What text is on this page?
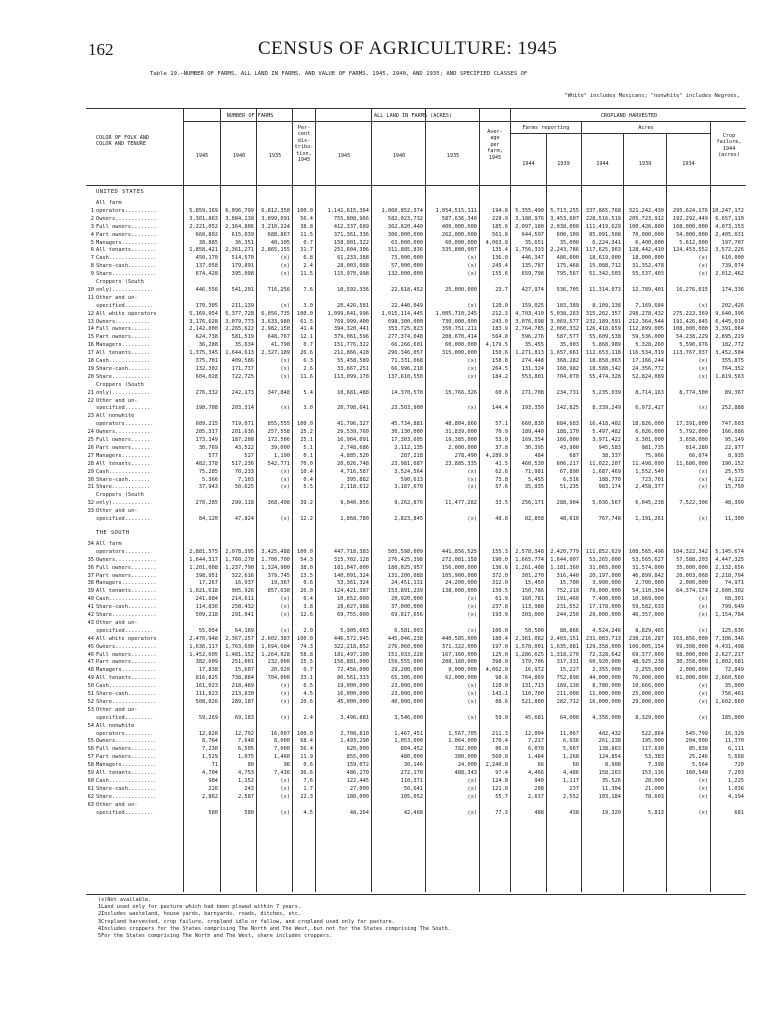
162	CENSUS OF AGRICULTURE: 1945
Table 19.—NUMBER OF FARMS, ALL LAND IN FARMS, AND VALUE OF FARMS, 1945, 1940, AND 1935; AND SPECIFIED CLASSES OF
"White" includes Mexicans; "nonwhite" includes Negroes,
COLOR OF FOLK AND
COLOR AND TENURE
NUMBER OF FARMS	ALL LAND IN FARMS (ACRES)	CROPLAND HARVESTED
1945	1940	1935
Per-
cent
dis-
tribu-
tion,
1945
1945	1940	1935
Aver-
age
per
farm,
1945
Farms reporting	Acres
1944	1939	1944	1939	1934
Crop
failure,
1944
(acres)
UNITED STATES
All farm
1 operators..........	5,859,169	6,096,799	6,812,350	100.0	1,141,615,364	1,060,852,374	1,054,515,111	194.8	5,355,490	5,713,255	337,865,768	321,242,430	295,624,176 10,247,172
2 Owners.............	3,301,863	3,084,138	3,899,091	56.4	755,808,966	582,023,732	587,636,340	228.9	3,188,976	3,453,607	228,516,519	205,723,912	192,292,449	6,657,110
3 Full owners........	2,221,052	2,364,806	3,210,224	38.8	412,337,689	362,820,440	400,000,000	185.6	2,097,180	2,038,000	111,419,629	100,426,800	108,000,000	4,073,153
4 Part owners........	660,802	615,039	688,867	11.5	371,361,336	306,000,000	262,000,000	561.8	644,597	600,109	85,091,508	70,000,000	54,000,000	2,405,031
5 Managers...........	38,885	36,351	40,105	0.7	158,001,322	63,000,000	60,000,000	4,063.8	35,651	35,000	6,224,341	6,400,000	5,612,000	197,707
6 All tenants........	1,858,421	2,361,271	2,865,155	31.7	251,604,306	311,885,836	335,800,007	135.4	1,756,333	2,243,786	117,625,963	128,442,410	124,453,552	3,572,226
7 Cash...............	450,170	514,570	(x)	6.8	61,233,388	73,000,000	(x)	136.0	446,347	486,000	18,619,000	18,000,000	(x)	610,000
8 Share-cash.........	137,058	179,891	(x)	2.4	28,003,088	57,000,000	(x)	245.4	135,787	175,468	15,088,712	31,352,478	(x)	739,074
9 Share..............	674,428	395,098	(x)	11.5	115,970,998	132,000,000	(x)	155.6	659,798	795,567	51,342,503	55,537,403	(x)	2,012,462
Croppers (South
10 only).............	446,556	541,291	716,256	7.6	10,592,336	22,618,452	25,000,000	23.7	427,974	536,705	11,314,073	12,789,401	16,276,015	174,336
11 Other and un-
specified.........	170,305	211,139	(x)	3.0	20,426,581	22,440,049	(x)	120.0	159,025	183,389	8,109,138	7,169,684	(x)	202,426
12 All white operators	5,169,954	5,377,728	6,056,735	100.0	1,099,641,996	1,015,114,445	1,005,710,245	212.3	4,703,410	5,038,263	315,262,357	298,278,432	275,222,369	9,640,396
13 Owners...........	3,176,628	3,079,773	3,633,980	61.5	769,999,400	698,300,000	730,000,000	243.0	3,076,698	3,069,577	232,189,591	212,364,544	191,426,845	6,445,010
14 Full owners......	2,142,000	2,265,622	2,982,150	41.4	394,320,441	353,725,823	350,751,211	183.9	2,764,785	2,060,332	126,418,659	112,899,005	108,000,000	3,391,064
15 Part owners......	624,738	581,519	648,767	12.1	379,061,596	277,374,048	208,670,414	564.0	596,276	587,577	55,609,538	59,536,000	54,238,229	2,895,229
16 Managers.........	36,288	35,634	41,790	0.7	151,776,322	66,266,601	60,000,000	4,179.5	35,455	35,003	5,868,989	5,328,260	5,590,976	182,772
17 All tenants......	1,375,345	1,644,613	2,327,189	26.6	211,866,428	296,346,057	315,000,000	150.6	1,271,813	1,657,661	112,653,118	116,534,319	113,767,037	3,452,504
18 Cash.............	375,701	409,586	(x)	6.3	55,458,589	71,331,068	(x)	158.8	274,448	368,282	18,858,063	17,166,244	(x)	355,875
19 Share-cash.......	132,302	171,737	(x)	2.6	33,667,251	66,996,218	(x)	264.5	131,324	168,982	18,588,342	24,356,772	(x)	764,352
20 Share............	604,028	722,725	(x)	11.6	113,099,178	137,610,550	(x)	184.2	553,801	704,070	55,474,328	52,824,089	(x)	1,819,563
Croppers (South
21 only)............	276,332	242,173	347,848	5.4	10,681,488	14,370,578	15,766,326	60.6	271,708	234,731	5,235,039	8,714,163	8,774,500	89,367
22 Other and un-
specified........	198,708	203,314	(x)	3.0	20,798,641	23,503,900	(x)	144.4	193,350	142,825	8,339,249	6,972,427	(x)	252,888
23 All nonwhite
operators.........	689,215	719,071	855,555	100.0	41,796,327	45,734,881	48,804,866	57.1	660,830	684,683	16,418,402	18,826,000	17,391,000	747,603
24 Owners...........	205,317	201,636	257,558	25.2	29,539,760	30,130,000	31,839,000	70.9	189,440	188,170	5,497,482	6,026,000	5,792,000	166,086
25 Full owners......	173,149	187,208	172,506	25.1	16,904,091	17,303,605	19,385,000	53.0	169,354	166,000	3,971,422	3,301,000	3,658,000	95,149
26 Part owners......	30,769	43,522	39,000	5.1	2,748,686	2,112,135	2,000,000	37.8	30,395	43,900	945,583	981,735	814,280	22,977
27 Managers.........	577	527	1,190	0.1	4,885,520	287,218	278,490	4,289.9	484	687	38,337	75,966	66,074	8,935
28 All tenants......	482,378	517,236	542,771	70.0	20,026,748	23,981,687	23,885,335	41.5	460,530	606,217	11,022,207	11,498,090	11,686,000	190,152
29 Cash.............	75,285	70,233	(x)	10.4	4,716,587	3,524,564	(x)	62.6	71,981	67,890	1,687,469	1,552,540	(x)	25,575
30 Share-cash.......	5,366	7,103	(x)	0.4	395,882	590,613	(x)	73.8	5,455	6,516	188,770	723,701	(x)	4,122
31 Share............	37,943	50,625	(x)	5.5	2,118,612	3,187,670	(x)	57.6	35,935	51,235	983,174	2,458,377	(x)	15,750
Croppers (South
32 only)............	270,285	299,118	368,408	39.2	9,040,856	9,262,876	11,477,282	33.5	256,171	288,904	5,036,567	6,045,238	7,522,306	48,399
33 Other and un-
specified........	84,120	47,824	(x)	12.2	1,868,780	2,823,845	(x)	48.8	82,858	48,610	767,748	1,191,261	(x)	11,300
THE SOUTH
34 All farm
operators........	2,881,575	2,978,395	3,425,488	100.0	447,718,383	505,598,009	441,856,525	155.3	2,578,348	2,420,779	111,852,629	108,565,496	104,322,342	5,145,674
35 Owners.............	1,644,317	1,760,278	1,700,700	54.3	315,702,128	276,425,398	272,081,158	190.0	1,665,774	1,644,007	53,265,000	53,565,627	57,588,203	4,447,325
36 Full owners........	1,201,008	1,237,790	1,324,900	38.0	181,047,000	180,025,957	156,000,000	136.6	1,261,408	1,181,360	31,065,000	31,574,000	35,000,000	2,132,656
37 Part owners........	398,951	322,616	379,745	13.5	140,091,324	131,200,088	105,900,000	372.0	301,270	316,440	20,197,000	46,899,842	20,003,068	2,218,794
38 Managers...........	17,267	16,937	19,367	0.6	53,361,324	24,451,131	24,200,000	312.0	15,450	15,700	3,900,000	2,700,000	2,000,000	74,971
39 All tenants........	1,021,618	905,926	857,630	26.0	124,421,387	153,891,239	138,000,000	150.5	150,786	752,219	79,000,000	54,110,304	64,374,174	2,600,302
40 Cash...............	241,884	214,611	(x)	6.4	10,652,000	20,920,000	(x)	61.9	160,781	191,460	7,400,000	10,069,000	(x)	68,301
41 Share-cash.........	114,836	258,432	(x)	3.8	28,027,988	37,000,000	(x)	237.8	113,988	231,552	17,178,000	59,582,633	(x)	799,649
42 Share..............	509,218	291,041	(x)	12.6	69,755,000	69,817,656	(x)	193.9	303,000	244,250	29,000,000	46,357,000	(x)	1,154,784
43 Other and un-
specified.........	55,054	64,169	(x)	2.0	5,905,603	6,581,003	(x)	106.0	50,500	88,866	4,524,246	8,829,465	(x)	125,636
44 All white operators	2,470,948	2,367,257	2,602,387	100.0	446,572,945	445,046,238	440,585,000	180.4	2,361,082	2,403,151	231,083,713	238,216,287	163,856,000	7,306,346
45 Owners.............	1,636,117	1,763,690	1,694,684	74.3	322,218,852	276,060,000	371,322,000	197.0	1,578,001	1,635,081	129,358,000	106,005,154	99,308,000	4,431,498
46 Full owners........	1,452,605	1,481,152	1,264,028	58.8	181,497,100	151,033,228	167,160,000	125.0	1,286,625	1,318,270	72,328,642	69,377,009	68,000,000	2,627,217
47 Part owners........	382,609	251,001	232,000	15.5	156,881,000	159,555,000	208,160,000	398.0	379,706	317,331	60,920,000	48,925,238	30,358,000	1,802,681
48 Managers...........	17,838	15,607	20,020	0.7	72,456,000	29,200,000	9,000,000	4,062.0	16,972	15,227	2,355,000	2,255,000	2,000,000	72,849
49 All tenants........	816,825	738,884	704,000	33.1	80,561,333	65,306,000	62,000,000	98.6	764,869	752,890	44,000,000	76,000,000	61,000,000	2,660,560
50 Cash...............	161,023	218,469	(x)	6.5	19,000,000	23,000,000	(x)	118.0	131,713	189,130	8,780,000	10,666,000	(x)	35,000
51 Share-cash.........	111,823	213,830	(x)	4.5	16,000,000	23,000,000	(x)	143.1	110,700	211,000	11,000,000	25,000,000	(x)	756,461
52 Share..............	508,026	289,187	(x)	20.6	45,000,000	40,000,000	(x)	88.6	521,800	282,712	16,000,000	29,000,000	(x)	1,602,660
53 Other and un-
specified.........	59,269	69,183	(x)	2.4	3,496,881	3,546,000	(x)	59.0	45,681	64,000	4,356,000	8,329,000	(x)	185,000
54 All nonwhite
operators.........	12,820	12,792	16,007	100.0	2,708,810	1,467,451	1,567,705	211.3	12,004	11,067	482,432	522,864	545,799	16,329
55 Owners.............	8,764	7,648	8,000	68.4	1,493,290	1,053,000	1,064,000	170.4	7,217	6,936	261,238	195,000	204,000	11,370
56 Full owners........	7,230	6,505	7,000	56.4	620,000	804,452	782,000	86.0	6,078	5,667	138,863	117,630	85,838	6,111
57 Part owners........	1,529	1,075	1,460	11.9	855,000	480,000	380,000	560.0	1,484	1,268	124,854	53,383	25,246	5,668
58 Managers...........	71	80	96	0.6	159,072	30,146	24,000	2,240.0	66	60	8,908	7,398	5,564	720
59 All tenants........	4,704	4,753	7,436	36.6	486,270	272,170	488,343	97.4	4,466	4,486	158,263	153,136	160,548	7,203
60 Cash...............	984	1,152	(x)	7.6	122,445	110,371	(x)	124.8	940	1,117	35,526	28,000	(x)	1,225
61 Share-cash.........	226	243	(x)	1.7	27,000	50,641	(x)	121.0	208	237	11,304	21,000	(x)	1,036
62 Share..............	2,862	2,587	(x)	22.3	180,000	105,052	(x)	55.7	2,637	2,552	103,184	78,603	(x)	4,194
63 Other and un-
specified.........	580	580	(x)	4.5	48,264	42,468	(x)	77.3	488	438	19,320	5,813	(x)	681
(x)Not available.
1Land used only for pasture which had been plowed within 7 years.
2Includes wasteland, house yards, barnyards, roads, ditches, etc.
3Cropland harvested, crop failure, cropland idle or fallow, and cropland used only for pasture.
4Includes croppers for the States comprising The North and The West, but not for the States comprising The South.
5For the States comprising The North and The West, share includes croppers.
